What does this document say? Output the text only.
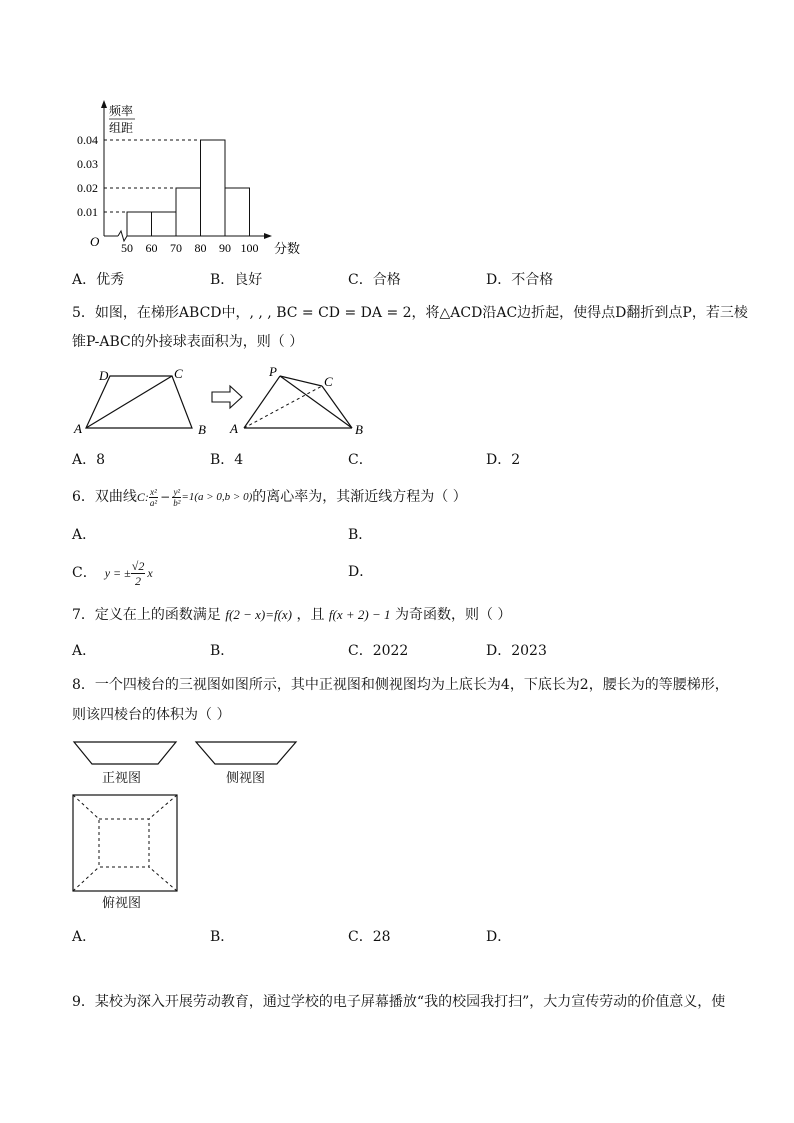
50 60 70 80 90 100
0.01
0.02
0.03
0.04
频率
组距
O	分数
A．优秀	B．良好	C．合格	D．不合格
5．如图，在梯形ABCD中，, , , BC = CD = DA = 2，将△ACD沿AC边折起，使得点D翻折到点P，若三棱
锥P-ABC的外接球表面积为，则（ ）
D	C
A	B
P
C
A	B
A．8	B．4	C．	D．2
6．双曲线 C: $\frac{\text{x²}}{\text{a²}} - \frac{\text{y²}}{\text{b²}} =1(a > 0,b > 0)$ 的离心率为，其渐近线方程为（ ）
A．	B．
C． y = ± $\frac{√2}{2}$ x	D．
7．定义在上的函数满足 f(2 − x)=f(x) ，且 f(x + 2) − 1 为奇函数，则（ ）
A．	B．	C．2022	D．2023
8．一个四棱台的三视图如图所示，其中正视图和侧视图均为上底长为4，下底长为2，腰长为的等腰梯形，
则该四棱台的体积为（ ）
正视图	侧视图
俯视图
A．	B．	C．28	D．
9．某校为深入开展劳动教育，通过学校的电子屏幕播放“我的校园我打扫”，大力宣传劳动的价值意义，使
